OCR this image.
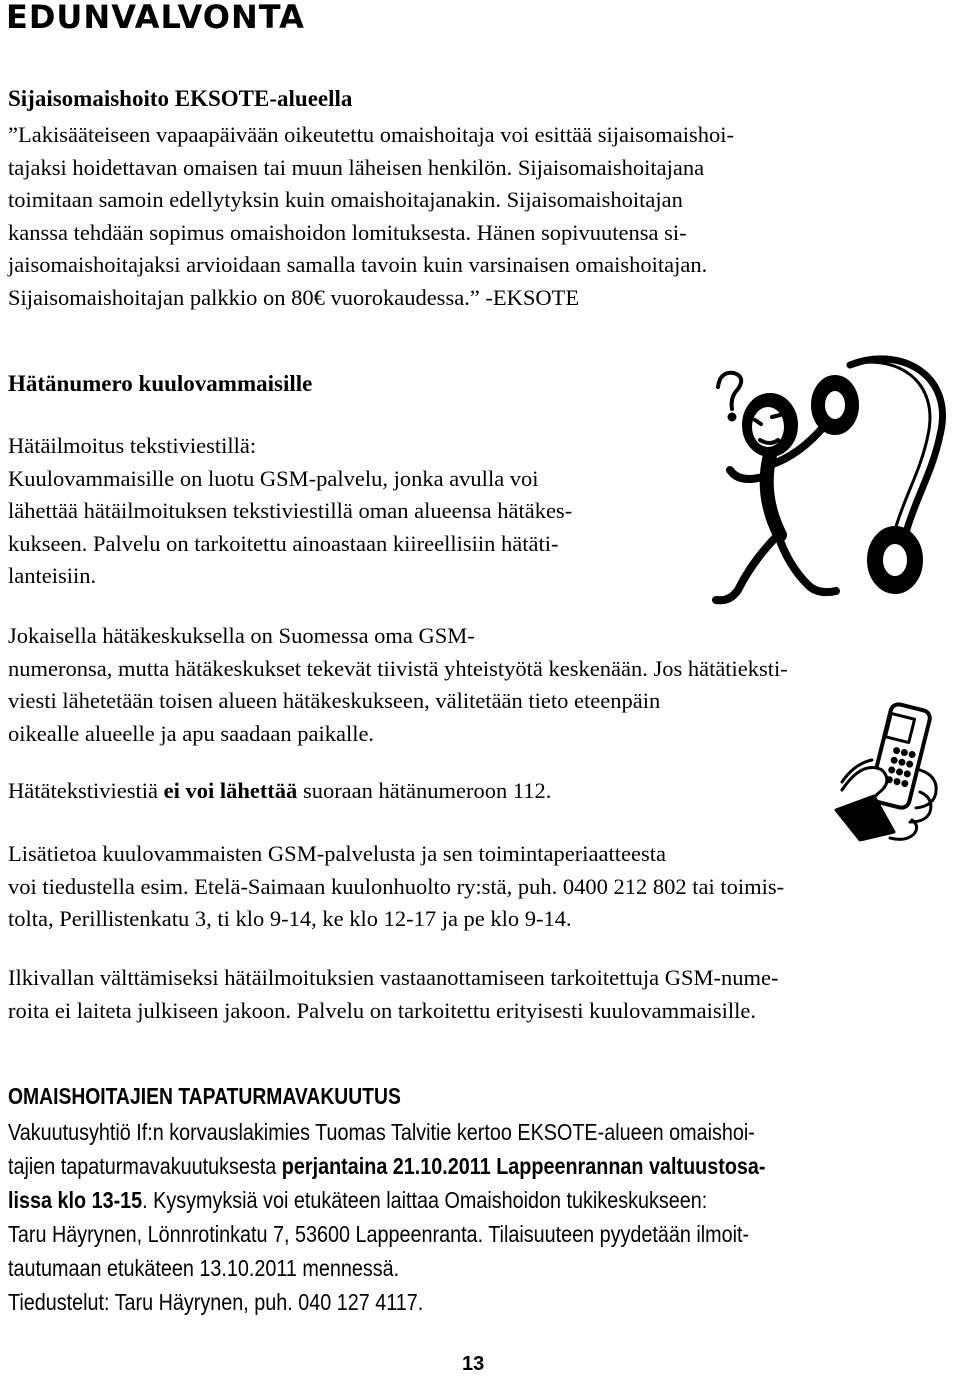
EDUNVALVONTA
Sijaisomaishoito EKSOTE-alueella
”Lakisääteiseen vapaapäivään oikeutettu omaishoitaja voi esittää sijaisomaishoi-
tajaksi hoidettavan omaisen tai muun läheisen henkilön. Sijaisomaishoitajana
toimitaan samoin edellytyksin kuin omaishoitajanakin. Sijaisomaishoitajan
kanssa tehdään sopimus omaishoidon lomituksesta. Hänen sopivuutensa si-
jaisomaishoitajaksi arvioidaan samalla tavoin kuin varsinaisen omaishoitajan.
Sijaisomaishoitajan palkkio on 80€ vuorokaudessa.” -EKSOTE
Hätänumero kuulovammaisille
Hätäilmoitus tekstiviestillä:
Kuulovammaisille on luotu GSM-palvelu, jonka avulla voi
lähettää hätäilmoituksen tekstiviestillä oman alueensa hätäkes-
kukseen. Palvelu on tarkoitettu ainoastaan kiireellisiin hätäti-
lanteisiin.
Jokaisella hätäkeskuksella on Suomessa oma GSM-
numeronsa, mutta hätäkeskukset tekevät tiivistä yhteistyötä keskenään. Jos hätätieksti-
viesti lähetetään toisen alueen hätäkeskukseen, välitetään tieto eteenpäin
oikealle alueelle ja apu saadaan paikalle.
Hätätekstiviestiä ei voi lähettää suoraan hätänumeroon 112.
Lisätietoa kuulovammaisten GSM-palvelusta ja sen toimintaperiaatteesta
voi tiedustella esim. Etelä-Saimaan kuulonhuolto ry:stä, puh. 0400 212 802 tai toimis-
tolta, Perillistenkatu 3, ti klo 9-14, ke klo 12-17 ja pe klo 9-14.
Ilkivallan välttämiseksi hätäilmoituksien vastaanottamiseen tarkoitettuja GSM-nume-
roita ei laiteta julkiseen jakoon. Palvelu on tarkoitettu erityisesti kuulovammaisille.
OMAISHOITAJIEN TAPATURMAVAKUUTUS
Vakuutusyhtiö If:n korvauslakimies Tuomas Talvitie kertoo EKSOTE-alueen omaishoi-
tajien tapaturmavakuutuksesta perjantaina 21.10.2011 Lappeenrannan valtuustosa-
lissa klo 13-15. Kysymyksiä voi etukäteen laittaa Omaishoidon tukikeskukseen:
Taru Häyrynen, Lönnrotinkatu 7, 53600 Lappeenranta. Tilaisuuteen pyydetään ilmoit-
tautumaan etukäteen 13.10.2011 mennessä.
Tiedustelut: Taru Häyrynen, puh. 040 127 4117.
13
